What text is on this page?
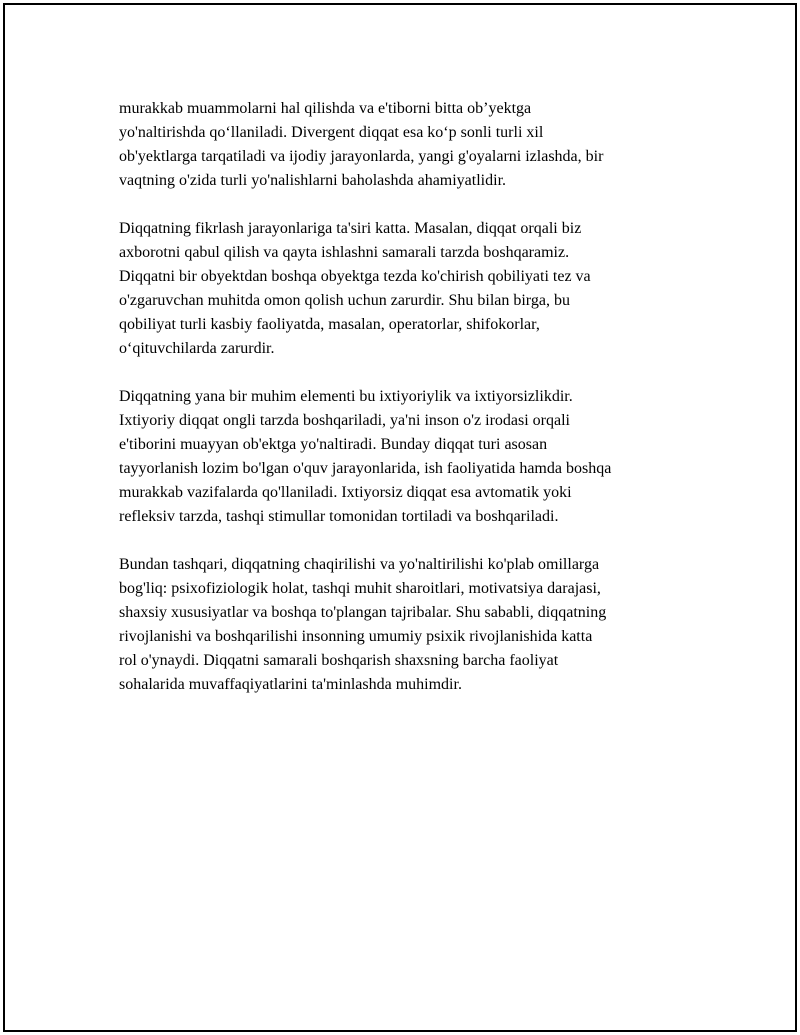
murakkab muammolarni hal qilishda va e'tiborni bitta ob’yektga
yo'naltirishda qo‘llaniladi. Divergent diqqat esa ko‘p sonli turli xil
ob'yektlarga tarqatiladi va ijodiy jarayonlarda, yangi g'oyalarni izlashda, bir
vaqtning o'zida turli yo'nalishlarni baholashda ahamiyatlidir.

Diqqatning fikrlash jarayonlariga ta'siri katta. Masalan, diqqat orqali biz
axborotni qabul qilish va qayta ishlashni samarali tarzda boshqaramiz.
Diqqatni bir obyektdan boshqa obyektga tezda ko'chirish qobiliyati tez va
o'zgaruvchan muhitda omon qolish uchun zarurdir. Shu bilan birga, bu
qobiliyat turli kasbiy faoliyatda, masalan, operatorlar, shifokorlar,
o‘qituvchilarda zarurdir.

Diqqatning yana bir muhim elementi bu ixtiyoriylik va ixtiyorsizlikdir.
Ixtiyoriy diqqat ongli tarzda boshqariladi, ya'ni inson o'z irodasi orqali
e'tiborini muayyan ob'ektga yo'naltiradi. Bunday diqqat turi asosan
tayyorlanish lozim bo'lgan o'quv jarayonlarida, ish faoliyatida hamda boshqa
murakkab vazifalarda qo'llaniladi. Ixtiyorsiz diqqat esa avtomatik yoki
refleksiv tarzda, tashqi stimullar tomonidan tortiladi va boshqariladi.

Bundan tashqari, diqqatning chaqirilishi va yo'naltirilishi ko'plab omillarga
bog'liq: psixofiziologik holat, tashqi muhit sharoitlari, motivatsiya darajasi,
shaxsiy xususiyatlar va boshqa to'plangan tajribalar. Shu sababli, diqqatning
rivojlanishi va boshqarilishi insonning umumiy psixik rivojlanishida katta
rol o'ynaydi. Diqqatni samarali boshqarish shaxsning barcha faoliyat
sohalarida muvaffaqiyatlarini ta'minlashda muhimdir.
